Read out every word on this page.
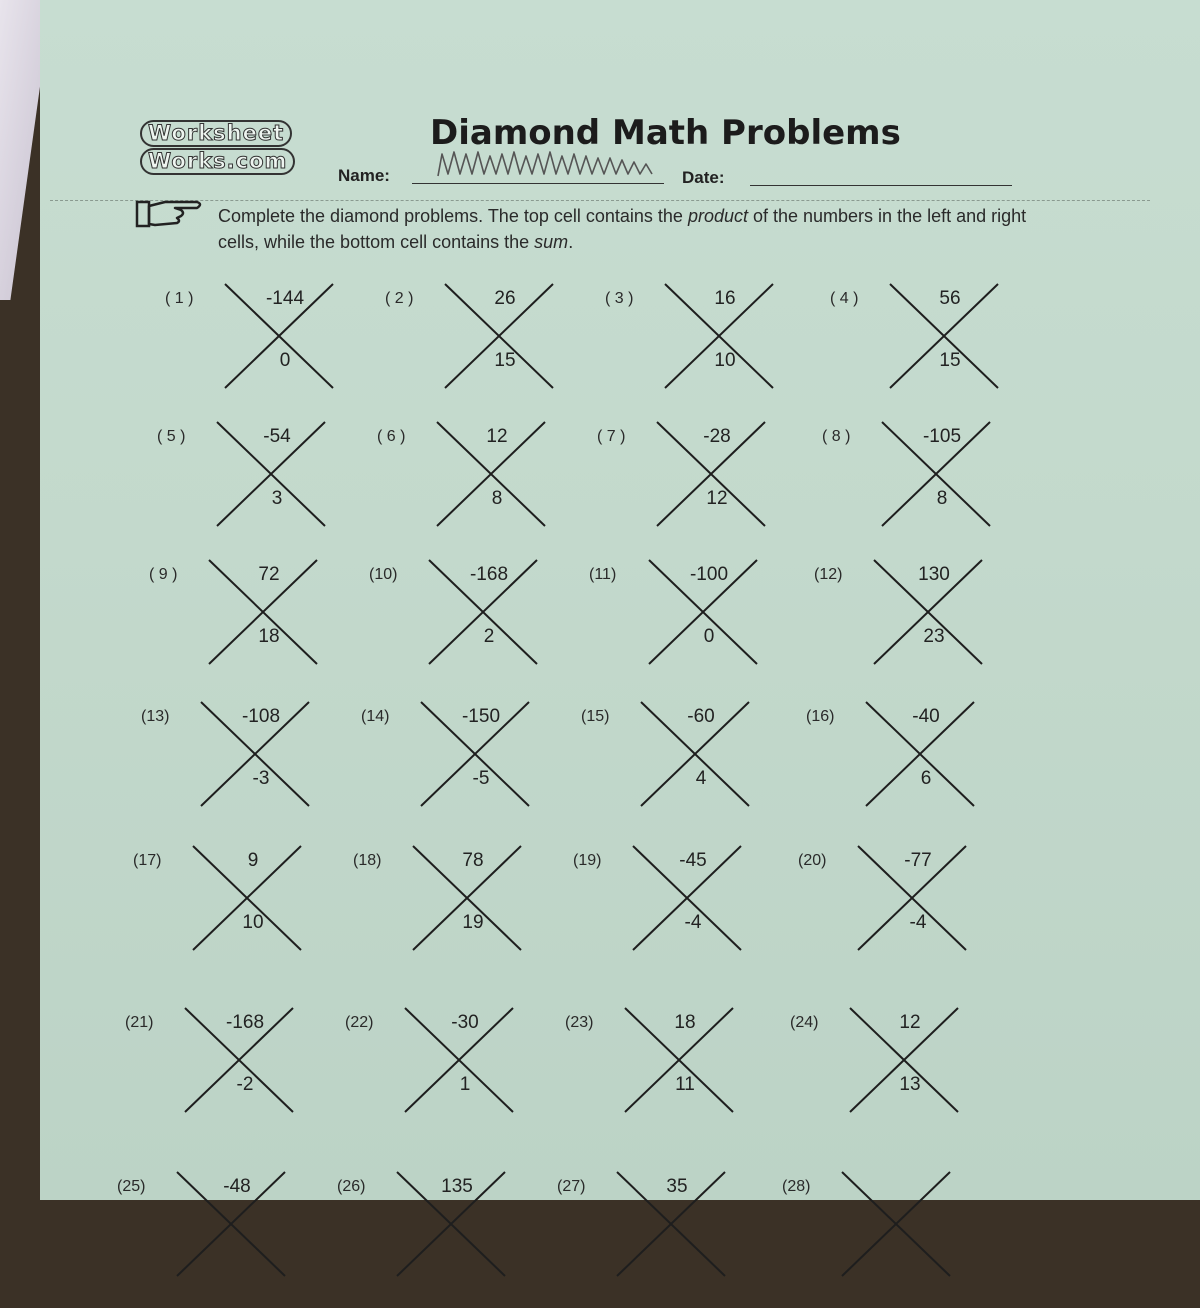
Worksheet
Works.com
Diamond Math Problems
Name:	Date:
Complete the diamond problems. The top cell contains the product of the numbers in the left and right cells, while the bottom cell contains the sum.
( 1 )	-144
0
( 2 )	26
15
( 3 )	16
10
( 4 )	56
15
( 5 )	-54
3
( 6 )	12
8
( 7 )	-28
12
( 8 )	-105
8
( 9 )	72
18
(10)	-168
2
(11)	-100
0
(12)	130
23
(13)	-108
-3
(14)	-150
-5
(15)	-60
4
(16)	-40
6
(17)	9
10
(18)	78
19
(19)	-45
-4
(20)	-77
-4
(21)	-168
-2
(22)	-30
1
(23)	18
11
(24)	12
13
(25)	-48	(26)	135	(27)	35	(28)
